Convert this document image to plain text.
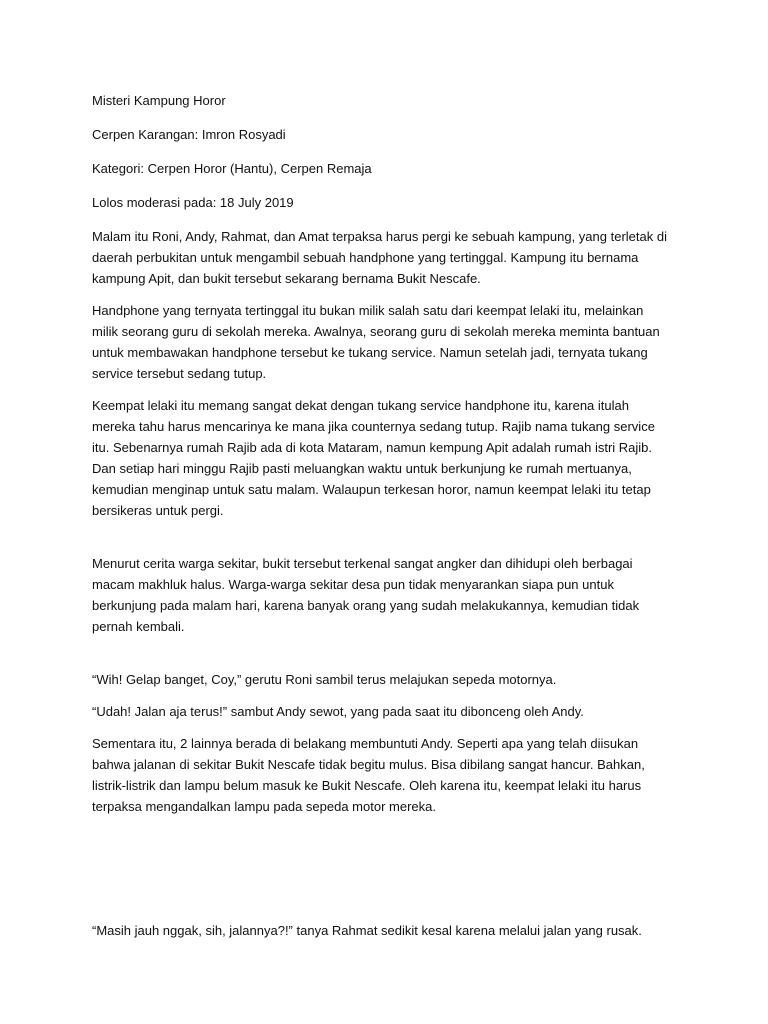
Misteri Kampung Horor

Cerpen Karangan: Imron Rosyadi

Kategori: Cerpen Horor (Hantu), Cerpen Remaja

Lolos moderasi pada: 18 July 2019

Malam itu Roni, Andy, Rahmat, dan Amat terpaksa harus pergi ke sebuah kampung, yang terletak di daerah perbukitan untuk mengambil sebuah handphone yang tertinggal. Kampung itu bernama kampung Apit, dan bukit tersebut sekarang bernama Bukit Nescafe.

Handphone yang ternyata tertinggal itu bukan milik salah satu dari keempat lelaki itu, melainkan milik seorang guru di sekolah mereka. Awalnya, seorang guru di sekolah mereka meminta bantuan untuk membawakan handphone tersebut ke tukang service. Namun setelah jadi, ternyata tukang service tersebut sedang tutup.

Keempat lelaki itu memang sangat dekat dengan tukang service handphone itu, karena itulah mereka tahu harus mencarinya ke mana jika counternya sedang tutup. Rajib nama tukang service itu. Sebenarnya rumah Rajib ada di kota Mataram, namun kempung Apit adalah rumah istri Rajib. Dan setiap hari minggu Rajib pasti meluangkan waktu untuk berkunjung ke rumah mertuanya, kemudian menginap untuk satu malam. Walaupun terkesan horor, namun keempat lelaki itu tetap bersikeras untuk pergi.

Menurut cerita warga sekitar, bukit tersebut terkenal sangat angker dan dihidupi oleh berbagai macam makhluk halus. Warga-warga sekitar desa pun tidak menyarankan siapa pun untuk berkunjung pada malam hari, karena banyak orang yang sudah melakukannya, kemudian tidak pernah kembali.

“Wih! Gelap banget, Coy,” gerutu Roni sambil terus melajukan sepeda motornya.

“Udah! Jalan aja terus!” sambut Andy sewot, yang pada saat itu dibonceng oleh Andy.

Sementara itu, 2 lainnya berada di belakang membuntuti Andy. Seperti apa yang telah diisukan bahwa jalanan di sekitar Bukit Nescafe tidak begitu mulus. Bisa dibilang sangat hancur. Bahkan, listrik-listrik dan lampu belum masuk ke Bukit Nescafe. Oleh karena itu, keempat lelaki itu harus terpaksa mengandalkan lampu pada sepeda motor mereka.

“Masih jauh nggak, sih, jalannya?!” tanya Rahmat sedikit kesal karena melalui jalan yang rusak.
